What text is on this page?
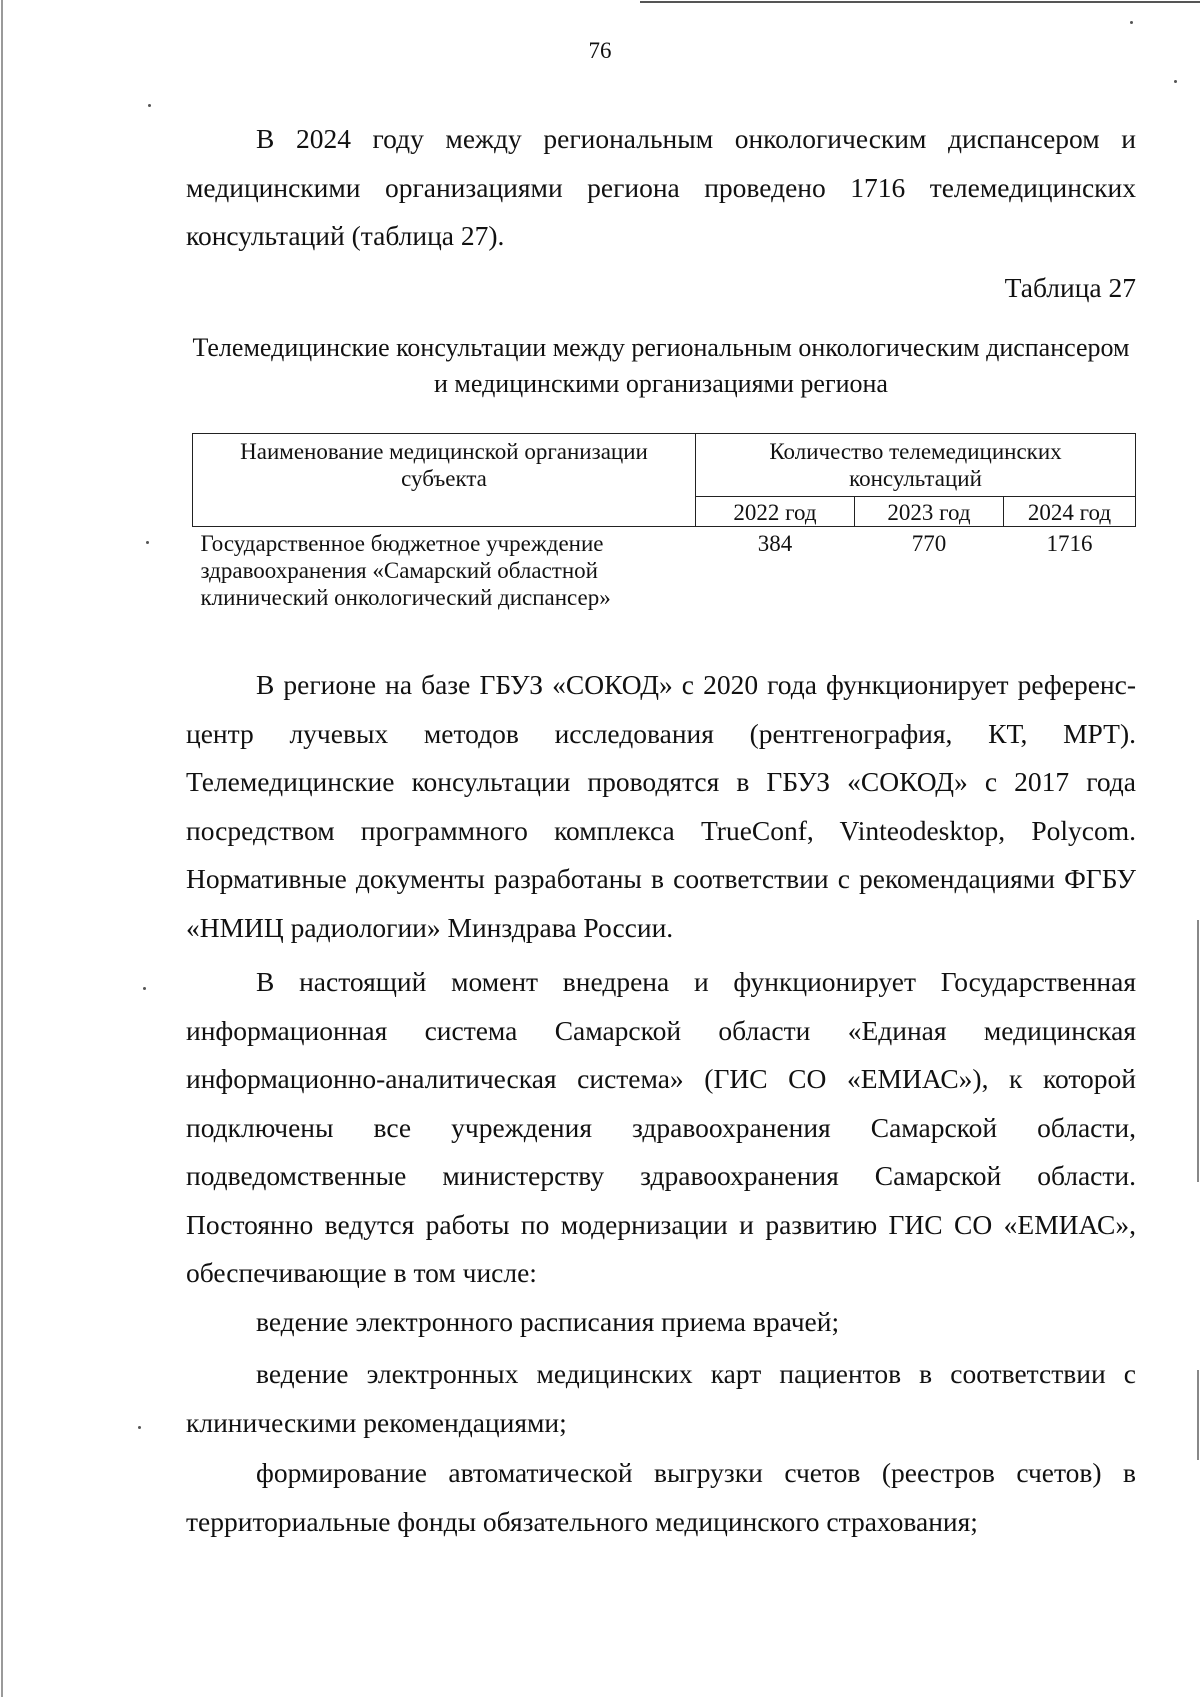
76

В 2024 году между региональным онкологическим диспансером и медицинскими организациями региона проведено 1716 телемедицинских консультаций (таблица 27).

Таблица 27

Телемедицинские консультации между региональным онкологическим диспансером и медицинскими организациями региона

Наименование медицинской организации субъекта	Количество телемедицинских консультаций		
	2022 год	2023 год	2024 год
Государственное бюджетное учреждение здравоохранения «Самарский областной клинический онкологический диспансер»	384	770	1716

В регионе на базе ГБУЗ «СОКОД» с 2020 года функционирует референс-центр лучевых методов исследования (рентгенография, КТ, МРТ). Телемедицинские консультации проводятся в ГБУЗ «СОКОД» с 2017 года посредством программного комплекса TrueConf, Vinteodesktop, Polycom. Нормативные документы разработаны в соответствии с рекомендациями ФГБУ «НМИЦ радиологии» Минздрава России.

В настоящий момент внедрена и функционирует Государственная информационная система Самарской области «Единая медицинская информационно-аналитическая система» (ГИС СО «ЕМИАС»), к которой подключены все учреждения здравоохранения Самарской области, подведомственные министерству здравоохранения Самарской области. Постоянно ведутся работы по модернизации и развитию ГИС СО «ЕМИАС», обеспечивающие в том числе:

ведение электронного расписания приема врачей;

ведение электронных медицинских карт пациентов в соответствии с клиническими рекомендациями;

формирование автоматической выгрузки счетов (реестров счетов) в территориальные фонды обязательного медицинского страхования;
